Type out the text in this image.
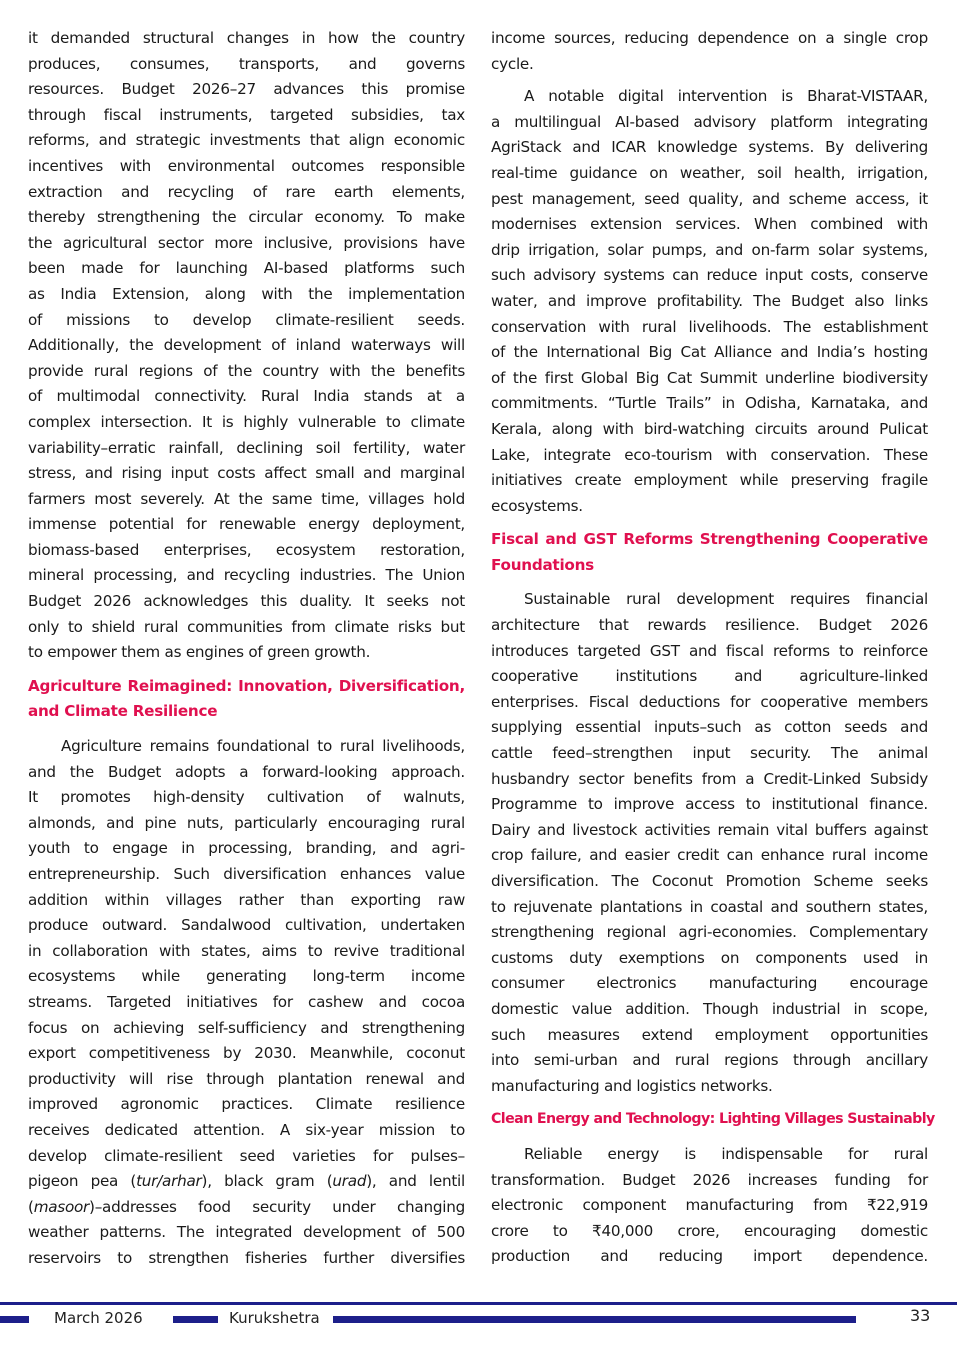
it demanded structural changes in how the country
produces, consumes, transports, and governs
resources. Budget 2026–27 advances this promise
through fiscal instruments, targeted subsidies, tax
reforms, and strategic investments that align economic
incentives with environmental outcomes responsible
extraction and recycling of rare earth elements,
thereby strengthening the circular economy. To make
the agricultural sector more inclusive, provisions have
been made for launching AI-based platforms such
as India Extension, along with the implementation
of missions to develop climate-resilient seeds.
Additionally, the development of inland waterways will
provide rural regions of the country with the benefits
of multimodal connectivity. Rural India stands at a
complex intersection. It is highly vulnerable to climate
variability–erratic rainfall, declining soil fertility, water
stress, and rising input costs affect small and marginal
farmers most severely. At the same time, villages hold
immense potential for renewable energy deployment,
biomass-based enterprises, ecosystem restoration,
mineral processing, and recycling industries. The Union
Budget 2026 acknowledges this duality. It seeks not
only to shield rural communities from climate risks but
to empower them as engines of green growth.
Agriculture Reimagined: Innovation, Diversification,
and Climate Resilience
Agriculture remains foundational to rural livelihoods,
and the Budget adopts a forward-looking approach.
It promotes high-density cultivation of walnuts,
almonds, and pine nuts, particularly encouraging rural
youth to engage in processing, branding, and agri-
entrepreneurship. Such diversification enhances value
addition within villages rather than exporting raw
produce outward. Sandalwood cultivation, undertaken
in collaboration with states, aims to revive traditional
ecosystems while generating long-term income
streams. Targeted initiatives for cashew and cocoa
focus on achieving self-sufficiency and strengthening
export competitiveness by 2030. Meanwhile, coconut
productivity will rise through plantation renewal and
improved agronomic practices. Climate resilience
receives dedicated attention. A six-year mission to
develop climate-resilient seed varieties for pulses–
pigeon pea (tur/arhar), black gram (urad), and lentil
(masoor)–addresses food security under changing
weather patterns. The integrated development of 500
reservoirs to strengthen fisheries further diversifies
income sources, reducing dependence on a single crop
cycle.
A notable digital intervention is Bharat-VISTAAR,
a multilingual AI-based advisory platform integrating
AgriStack and ICAR knowledge systems. By delivering
real-time guidance on weather, soil health, irrigation,
pest management, seed quality, and scheme access, it
modernises extension services. When combined with
drip irrigation, solar pumps, and on-farm solar systems,
such advisory systems can reduce input costs, conserve
water, and improve profitability. The Budget also links
conservation with rural livelihoods. The establishment
of the International Big Cat Alliance and India’s hosting
of the first Global Big Cat Summit underline biodiversity
commitments. “Turtle Trails” in Odisha, Karnataka, and
Kerala, along with bird-watching circuits around Pulicat
Lake, integrate eco-tourism with conservation. These
initiatives create employment while preserving fragile
ecosystems.
Fiscal and GST Reforms Strengthening Cooperative
Foundations
Sustainable rural development requires financial
architecture that rewards resilience. Budget 2026
introduces targeted GST and fiscal reforms to reinforce
cooperative institutions and agriculture-linked
enterprises. Fiscal deductions for cooperative members
supplying essential inputs–such as cotton seeds and
cattle feed–strengthen input security. The animal
husbandry sector benefits from a Credit-Linked Subsidy
Programme to improve access to institutional finance.
Dairy and livestock activities remain vital buffers against
crop failure, and easier credit can enhance rural income
diversification. The Coconut Promotion Scheme seeks
to rejuvenate plantations in coastal and southern states,
strengthening regional agri-economies. Complementary
customs duty exemptions on components used in
consumer electronics manufacturing encourage
domestic value addition. Though industrial in scope,
such measures extend employment opportunities
into semi-urban and rural regions through ancillary
manufacturing and logistics networks.
Clean Energy and Technology: Lighting Villages Sustainably
Reliable energy is indispensable for rural
transformation. Budget 2026 increases funding for
electronic component manufacturing from ₹22,919
crore to ₹40,000 crore, encouraging domestic
production and reducing import dependence.
March 2026	Kurukshetra	33
